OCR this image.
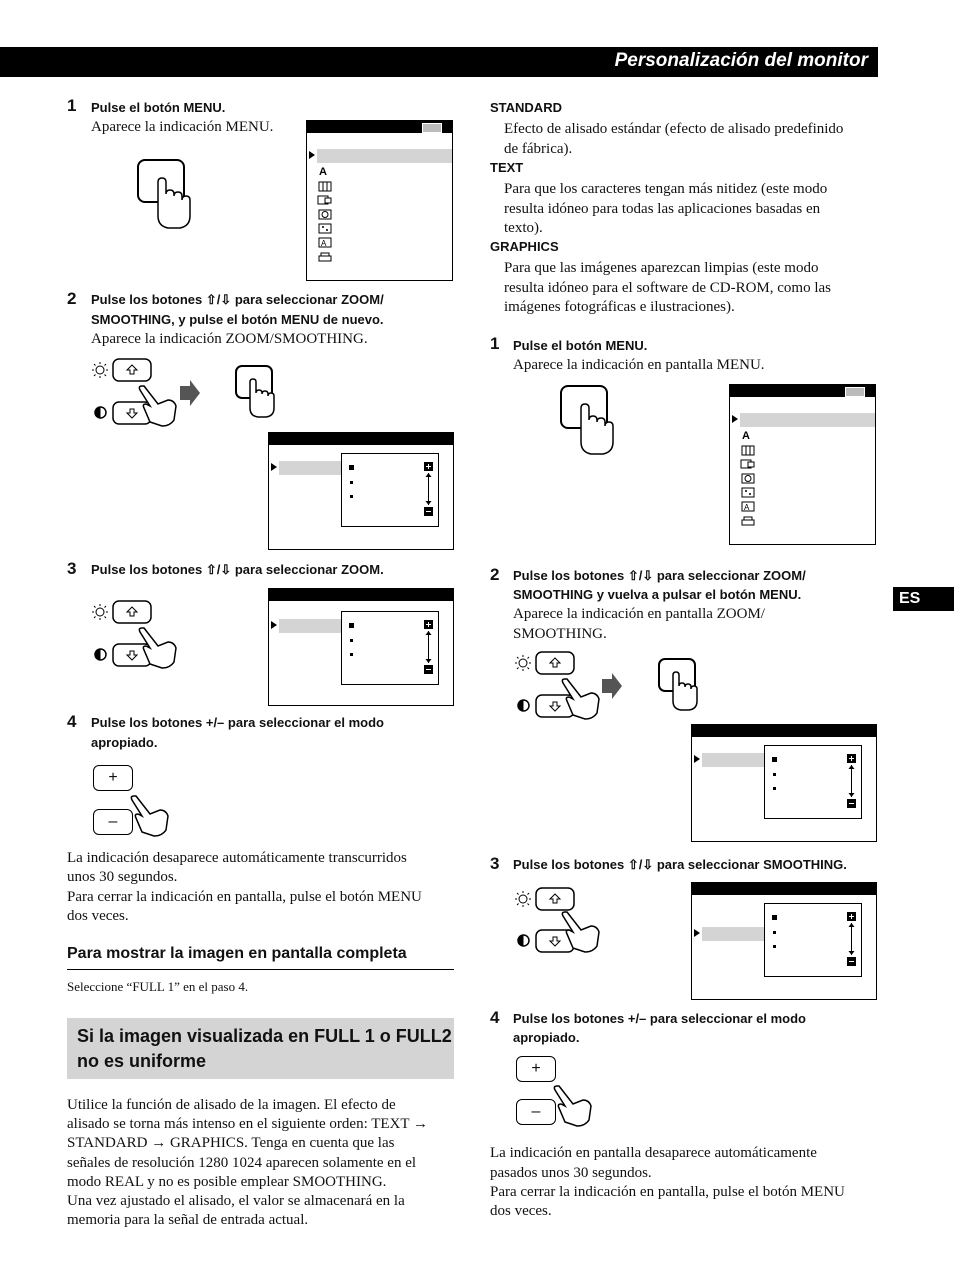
Personalización del monitor
ES
1 Pulse el botón MENU.
Aparece la indicación MENU.
A
A
2 Pulse los botones ⇧/⇩ para seleccionar ZOOM/
SMOOTHING, y pulse el botón MENU de nuevo.
Aparece la indicación ZOOM/SMOOTHING.
3 Pulse los botones ⇧/⇩ para seleccionar ZOOM.
4 Pulse los botones +/– para seleccionar el modo
apropiado.
+
–
La indicación desaparece automáticamente transcurridos
unos 30 segundos.
Para cerrar la indicación en pantalla, pulse el botón MENU
dos veces.
Para mostrar la imagen en pantalla completa
Seleccione “FULL 1” en el paso 4.
Si la imagen visualizada en FULL 1 o FULL2
no es uniforme
Utilice la función de alisado de la imagen. El efecto de
alisado se torna más intenso en el siguiente orden: TEXT →
STANDARD → GRAPHICS. Tenga en cuenta que las
señales de resolución 1280 1024 aparecen solamente en el
modo REAL y no es posible emplear SMOOTHING.
Una vez ajustado el alisado, el valor se almacenará en la
memoria para la señal de entrada actual.
STANDARD
Efecto de alisado estándar (efecto de alisado predefinido
de fábrica).
TEXT
Para que los caracteres tengan más nitidez (este modo
resulta idóneo para todas las aplicaciones basadas en
texto).
GRAPHICS
Para que las imágenes aparezcan limpias (este modo
resulta idóneo para el software de CD-ROM, como las
imágenes fotográficas e ilustraciones).
1 Pulse el botón MENU.
Aparece la indicación en pantalla MENU.
A
A
2 Pulse los botones ⇧/⇩ para seleccionar ZOOM/
SMOOTHING y vuelva a pulsar el botón MENU.
Aparece la indicación en pantalla ZOOM/
SMOOTHING.
3 Pulse los botones ⇧/⇩ para seleccionar SMOOTHING.
4 Pulse los botones +/– para seleccionar el modo
apropiado.
+
–
La indicación en pantalla desaparece automáticamente
pasados unos 30 segundos.
Para cerrar la indicación en pantalla, pulse el botón MENU
dos veces.
